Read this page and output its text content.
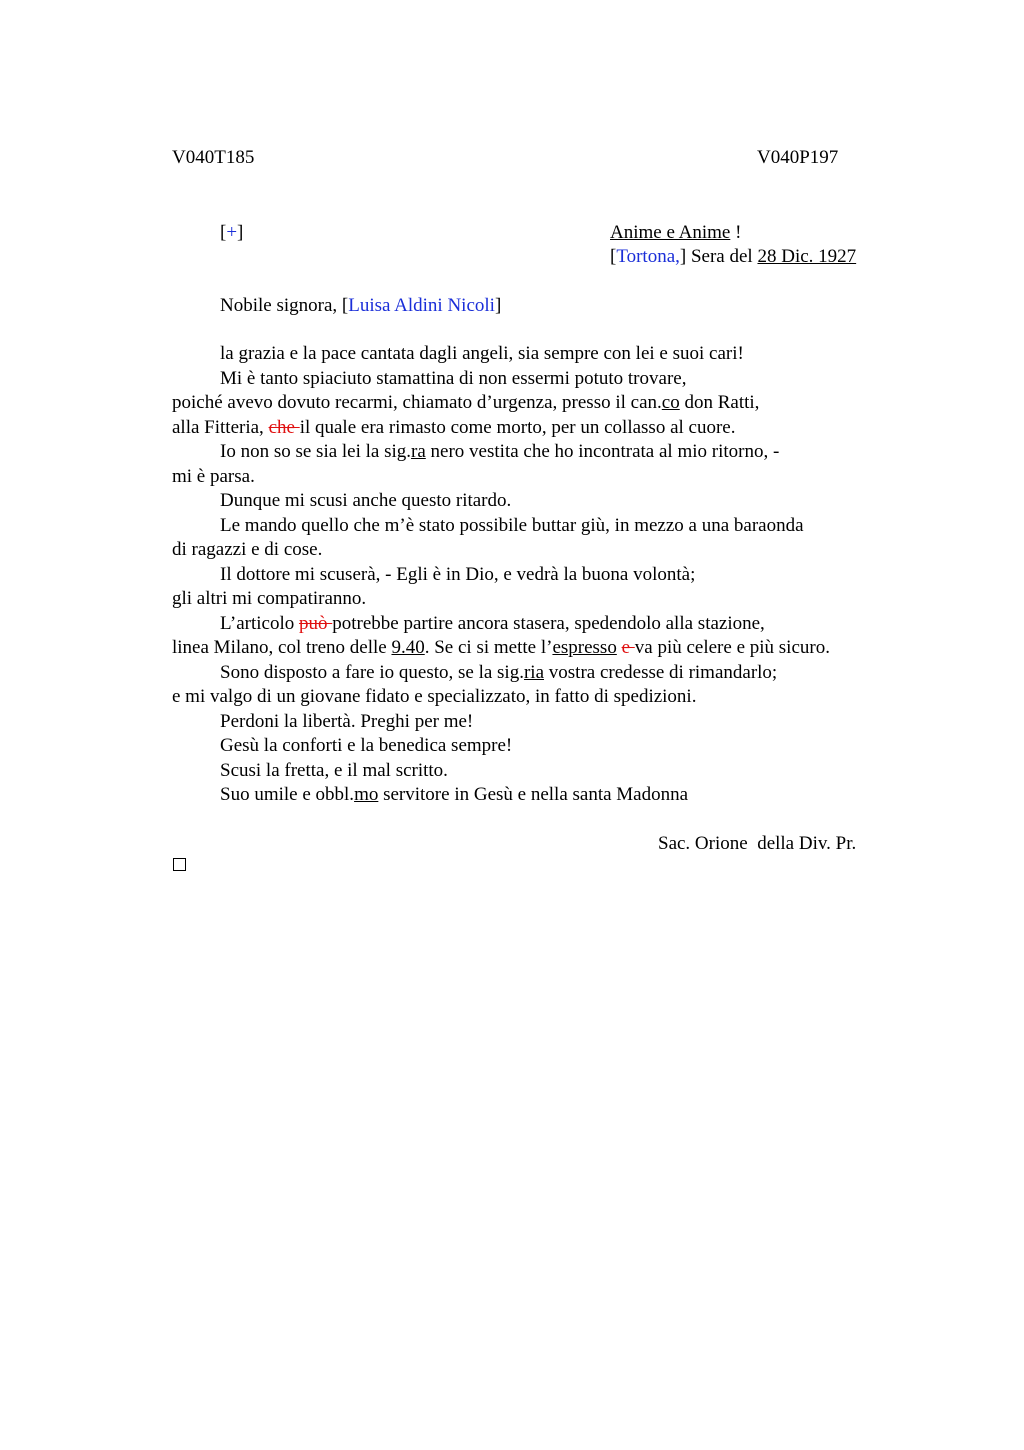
V040T185	V040P197
[+]	Anime e Anime !
[Tortona,] Sera del 28 Dic. 1927
Nobile signora, [Luisa Aldini Nicoli]
la grazia e la pace cantata dagli angeli, sia sempre con lei e suoi cari!
Mi è tanto spiaciuto stamattina di non essermi potuto trovare,
poiché avevo dovuto recarmi, chiamato d’urgenza, presso il can.co don Ratti,
alla Fitteria, che il quale era rimasto come morto, per un collasso al cuore.
Io non so se sia lei la sig.ra nero vestita che ho incontrata al mio ritorno, -
mi è parsa.
Dunque mi scusi anche questo ritardo.
Le mando quello che m’è stato possibile buttar giù, in mezzo a una baraonda
di ragazzi e di cose.
Il dottore mi scuserà, - Egli è in Dio, e vedrà la buona volontà;
gli altri mi compatiranno.
L’articolo può potrebbe partire ancora stasera, spedendolo alla stazione,
linea Milano, col treno delle 9.40. Se ci si mette l’espresso e va più celere e più sicuro.
Sono disposto a fare io questo, se la sig.ria vostra credesse di rimandarlo;
e mi valgo di un giovane fidato e specializzato, in fatto di spedizioni.
Perdoni la libertà. Preghi per me!
Gesù la conforti e la benedica sempre!
Scusi la fretta, e il mal scritto.
Suo umile e obbl.mo servitore in Gesù e nella santa Madonna
Sac. Orione  della Div. Pr.
